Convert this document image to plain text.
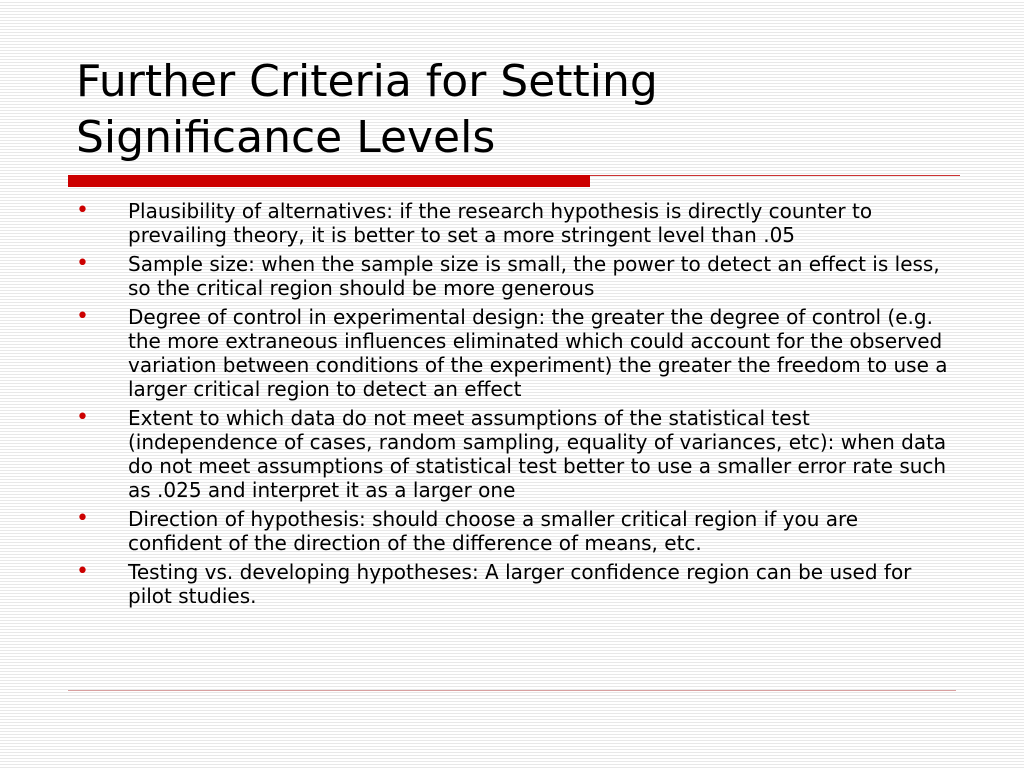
Further Criteria for Setting
Significance Levels
• Plausibility of alternatives: if the research hypothesis is directly counter to prevailing theory, it is better to set a more stringent level than .05
• Sample size: when the sample size is small, the power to detect an effect is less, so the critical region should be more generous
• Degree of control in experimental design: the greater the degree of control (e.g. the more extraneous influences eliminated which could account for the observed variation between conditions of the experiment) the greater the freedom to use a larger critical region to detect an effect
• Extent to which data do not meet assumptions of the statistical test (independence of cases, random sampling, equality of variances, etc): when data do not meet assumptions of statistical test better to use a smaller error rate such as .025 and interpret it as a larger one
• Direction of hypothesis: should choose a smaller critical region if you are confident of the direction of the difference of means, etc.
• Testing vs. developing hypotheses: A larger confidence region can be used for pilot studies.
